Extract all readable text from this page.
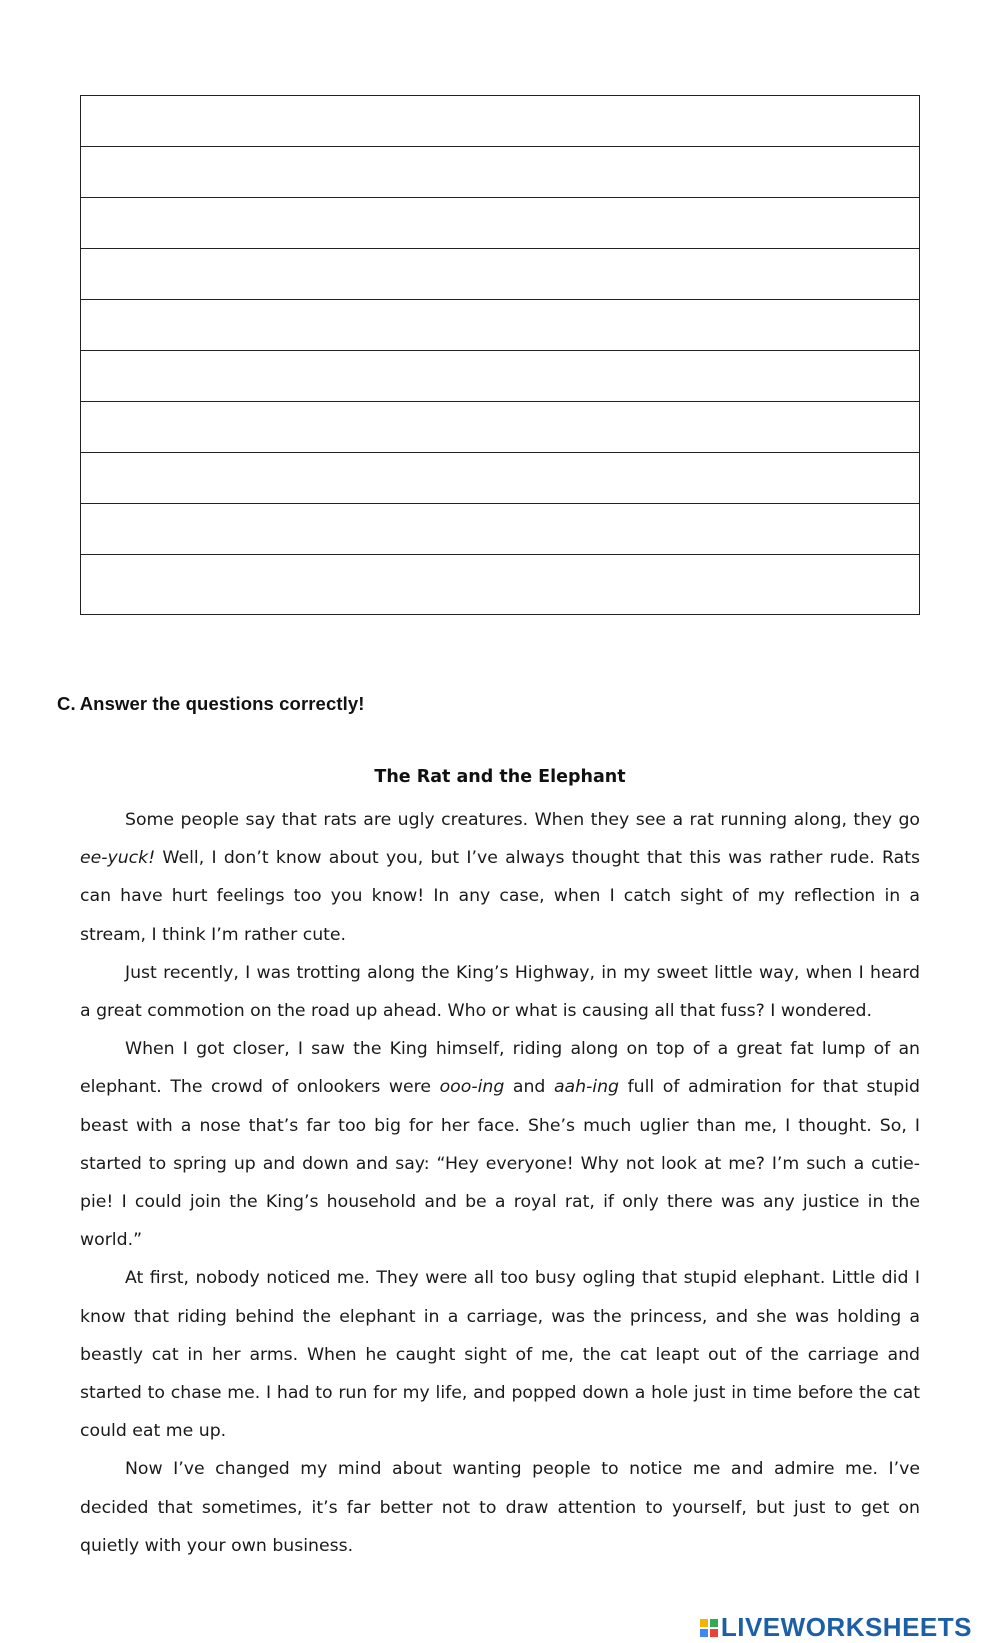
C. Answer the questions correctly!
The Rat and the Elephant

Some people say that rats are ugly creatures. When they see a rat running along, they go ee-yuck! Well, I don’t know about you, but I’ve always thought that this was rather rude. Rats can have hurt feelings too you know! In any case, when I catch sight of my reflection in a stream, I think I’m rather cute.

Just recently, I was trotting along the King’s Highway, in my sweet little way, when I heard a great commotion on the road up ahead. Who or what is causing all that fuss? I wondered.

When I got closer, I saw the King himself, riding along on top of a great fat lump of an elephant. The crowd of onlookers were ooo-ing and aah-ing full of admiration for that stupid beast with a nose that’s far too big for her face. She’s much uglier than me, I thought. So, I started to spring up and down and say: “Hey everyone! Why not look at me? I’m such a cutie-pie! I could join the King’s household and be a royal rat, if only there was any justice in the world.”

At first, nobody noticed me. They were all too busy ogling that stupid elephant. Little did I know that riding behind the elephant in a carriage, was the princess, and she was holding a beastly cat in her arms. When he caught sight of me, the cat leapt out of the carriage and started to chase me. I had to run for my life, and popped down a hole just in time before the cat could eat me up.

Now I’ve changed my mind about wanting people to notice me and admire me. I’ve decided that sometimes, it’s far better not to draw attention to yourself, but just to get on quietly with your own business.

LIVEWORKSHEETS
